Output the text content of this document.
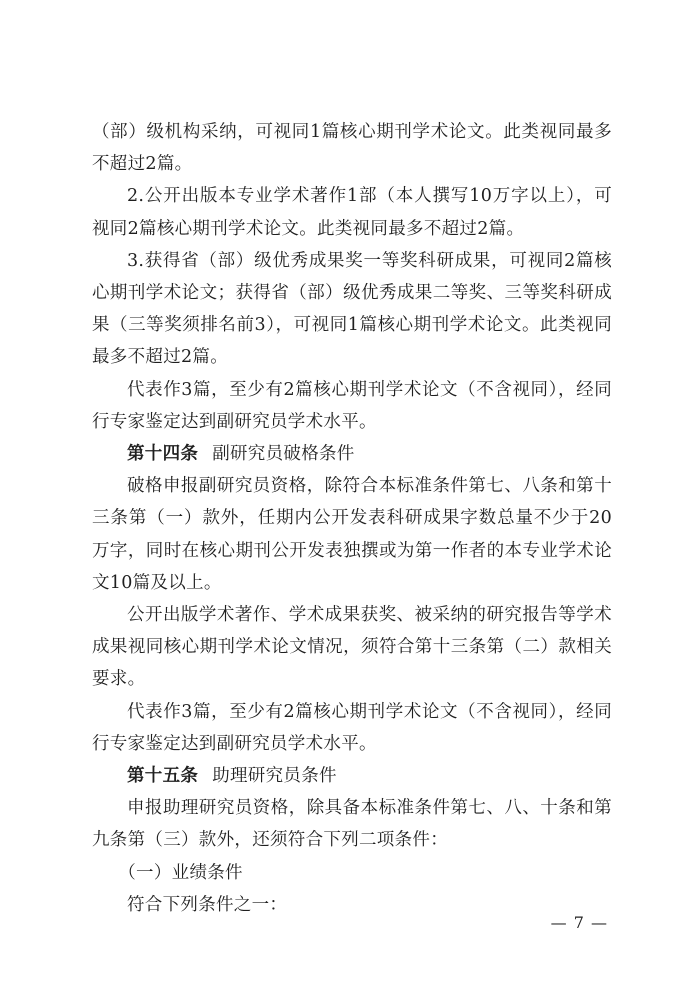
（部）级机构采纳，可视同1篇核心期刊学术论文。此类视同最多不超过2篇。

2.公开出版本专业学术著作1部（本人撰写10万字以上），可视同2篇核心期刊学术论文。此类视同最多不超过2篇。

3.获得省（部）级优秀成果奖一等奖科研成果，可视同2篇核心期刊学术论文；获得省（部）级优秀成果二等奖、三等奖科研成果（三等奖须排名前3），可视同1篇核心期刊学术论文。此类视同最多不超过2篇。

代表作3篇，至少有2篇核心期刊学术论文（不含视同），经同行专家鉴定达到副研究员学术水平。

第十四条 副研究员破格条件

破格申报副研究员资格，除符合本标准条件第七、八条和第十三条第（一）款外，任期内公开发表科研成果字数总量不少于20万字，同时在核心期刊公开发表独撰或为第一作者的本专业学术论文10篇及以上。

公开出版学术著作、学术成果获奖、被采纳的研究报告等学术成果视同核心期刊学术论文情况，须符合第十三条第（二）款相关要求。

代表作3篇，至少有2篇核心期刊学术论文（不含视同），经同行专家鉴定达到副研究员学术水平。

第十五条 助理研究员条件

申报助理研究员资格，除具备本标准条件第七、八、十条和第九条第（三）款外，还须符合下列二项条件：

（一）业绩条件

符合下列条件之一：

— 7 —
